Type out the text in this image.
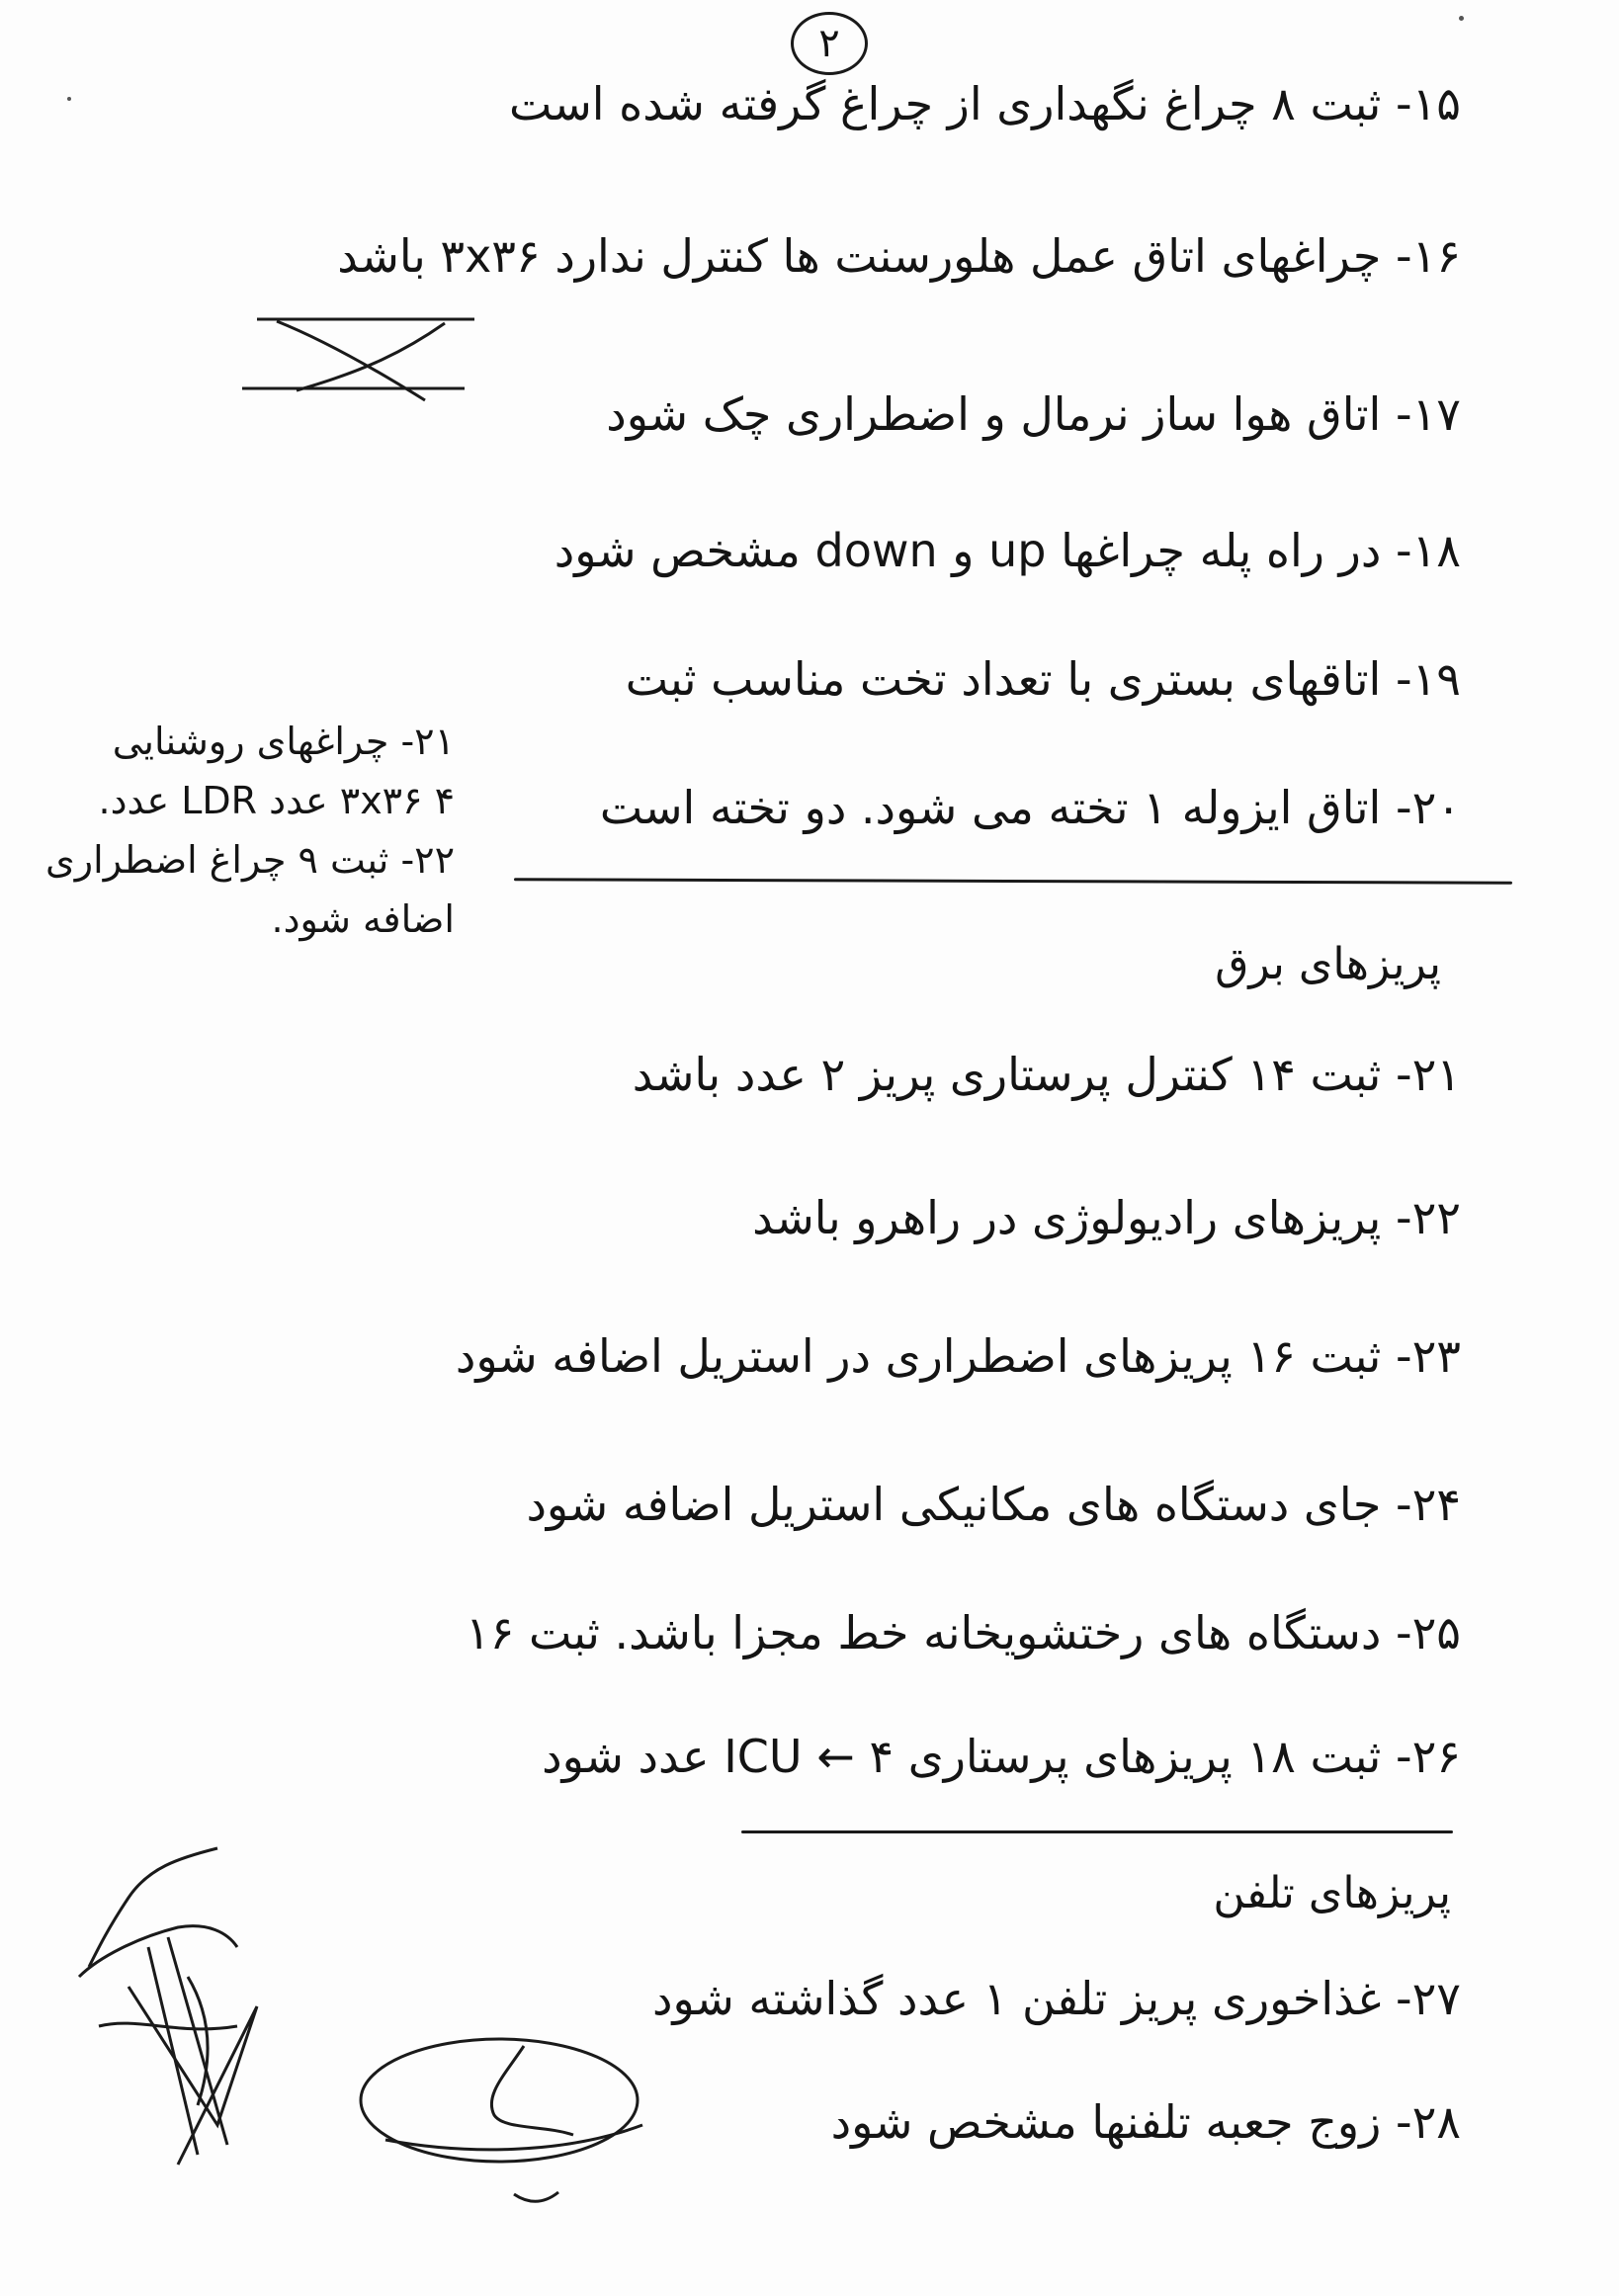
۲
۱۵- ثبت ۸ چراغ نگهداری از چراغ گرفته شده است
۱۶- چراغهای اتاق عمل هلورسنت ها کنترل ندارد ۳x۳۶ باشد
۱۷- اتاق هوا ساز نرمال و اضطراری چک شود
۱۸- در راه پله چراغها up و down مشخص شود
۱۹- اتاقهای بستری با تعداد تخت مناسب ثبت
۲۰- اتاق ایزوله ۱ تخته می شود. دو تخته است
۲۱- چراغهای روشنایی ۳x۳۶ ۴ عدد LDR عدد. ۲۲- ثبت ۹ چراغ اضطراری اضافه شود.
پریزهای برق
۲۱- ثبت ۱۴ کنترل پرستاری پریز ۲ عدد باشد
۲۲- پریزهای رادیولوژی در راهرو باشد
۲۳- ثبت ۱۶ پریزهای اضطراری در استریل اضافه شود
۲۴- جای دستگاه های مکانیکی استریل اضافه شود
۲۵- دستگاه های رختشویخانه خط مجزا باشد. ثبت ۱۶
۲۶- ثبت ۱۸ پریزهای پرستاری ICU ← ۴ عدد شود
پریزهای تلفن
۲۷- غذاخوری پریز تلفن ۱ عدد گذاشته شود
۲۸- زوج جعبه تلفنها مشخص شود
